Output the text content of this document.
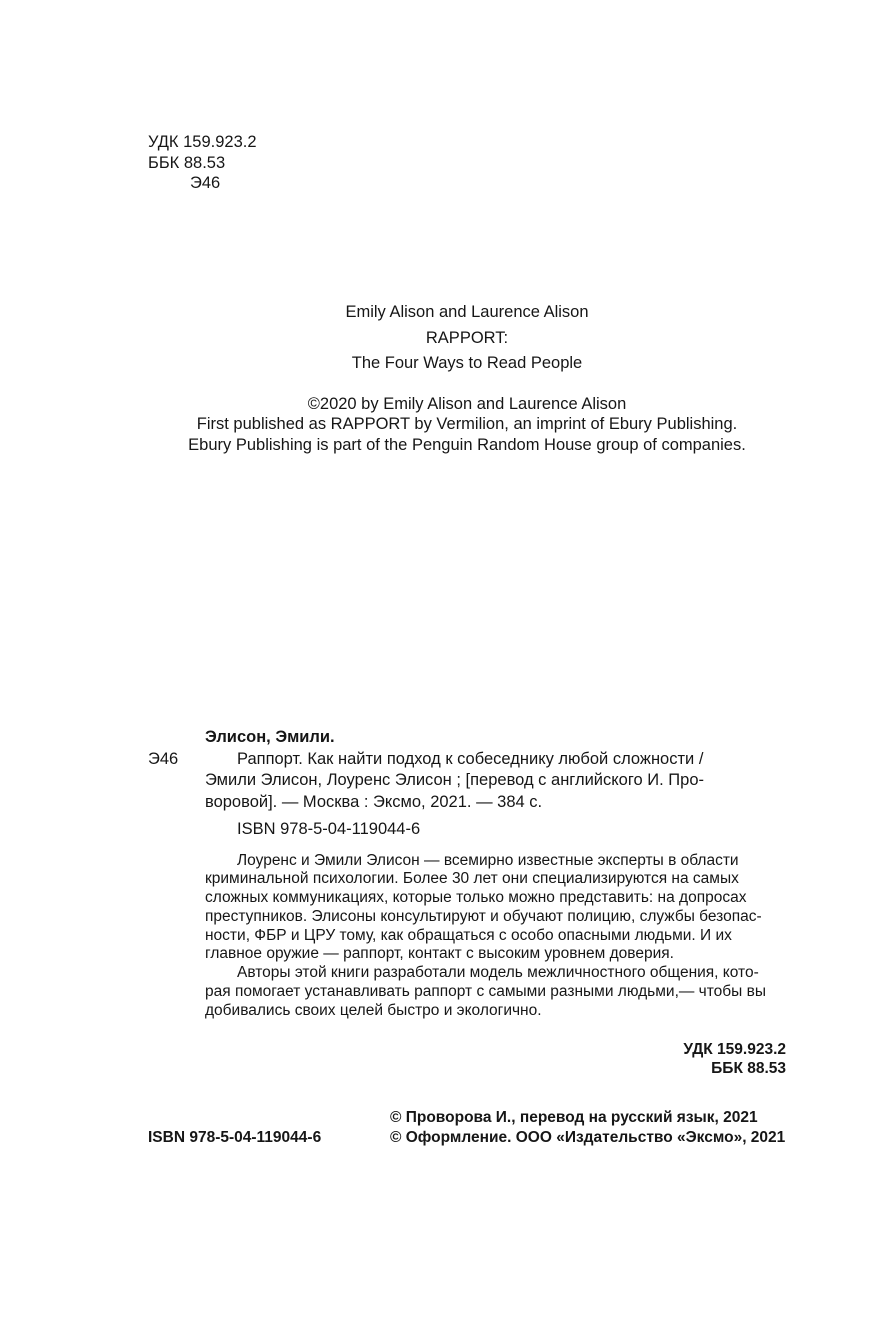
УДК 159.923.2
ББК 88.53
Э46
Emily Alison and Laurence Alison
RAPPORT:
The Four Ways to Read People
©2020 by Emily Alison and Laurence Alison
First published as RAPPORT by Vermilion, an imprint of Ebury Publishing.
Ebury Publishing is part of the Penguin Random House group of companies.
Элисон, Эмили.
Э46	Раппорт. Как найти подход к собеседнику любой сложности /
Эмили Элисон, Лоуренс Элисон ; [перевод с английского И. Про-
воровой]. — Москва : Эксмо, 2021. — 384 с.
ISBN 978-5-04-119044-6
Лоуренс и Эмили Элисон — всемирно известные эксперты в области
криминальной психологии. Более 30 лет они специализируются на самых
сложных коммуникациях, которые только можно представить: на допросах
преступников. Элисоны консультируют и обучают полицию, службы безопас-
ности, ФБР и ЦРУ тому, как обращаться с особо опасными людьми. И их
главное оружие — раппорт, контакт с высоким уровнем доверия.
Авторы этой книги разработали модель межличностного общения, кото-
рая помогает устанавливать раппорт с самыми разными людьми,— чтобы вы
добивались своих целей быстро и экологично.
УДК 159.923.2
ББК 88.53
© Проворова И., перевод на русский язык, 2021
ISBN 978-5-04-119044-6	© Оформление. ООО «Издательство «Эксмо», 2021
